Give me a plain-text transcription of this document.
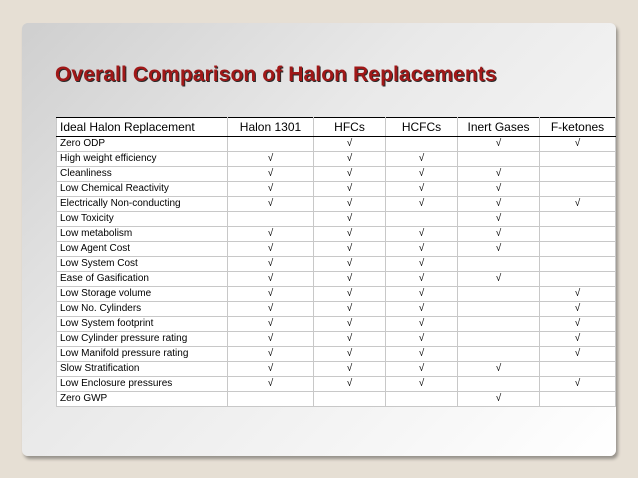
Overall Comparison of Halon Replacements
Ideal Halon Replacement	Halon 1301	HFCs	HCFCs	Inert Gases	F-ketones
Zero ODP		√		√	√
High weight efficiency	√	√	√		
Cleanliness	√	√	√	√	
Low Chemical Reactivity	√	√	√	√	
Electrically Non-conducting	√	√	√	√	√
Low Toxicity		√		√	
Low metabolism	√	√	√	√	
Low Agent Cost	√	√	√	√	
Low System Cost	√	√	√		
Ease of Gasification	√	√	√	√	
Low Storage volume	√	√	√		√
Low No. Cylinders	√	√	√		√
Low System footprint	√	√	√		√
Low Cylinder pressure rating	√	√	√		√
Low Manifold pressure rating	√	√	√		√
Slow Stratification	√	√	√	√	
Low Enclosure pressures	√	√	√		√
Zero GWP				√	
